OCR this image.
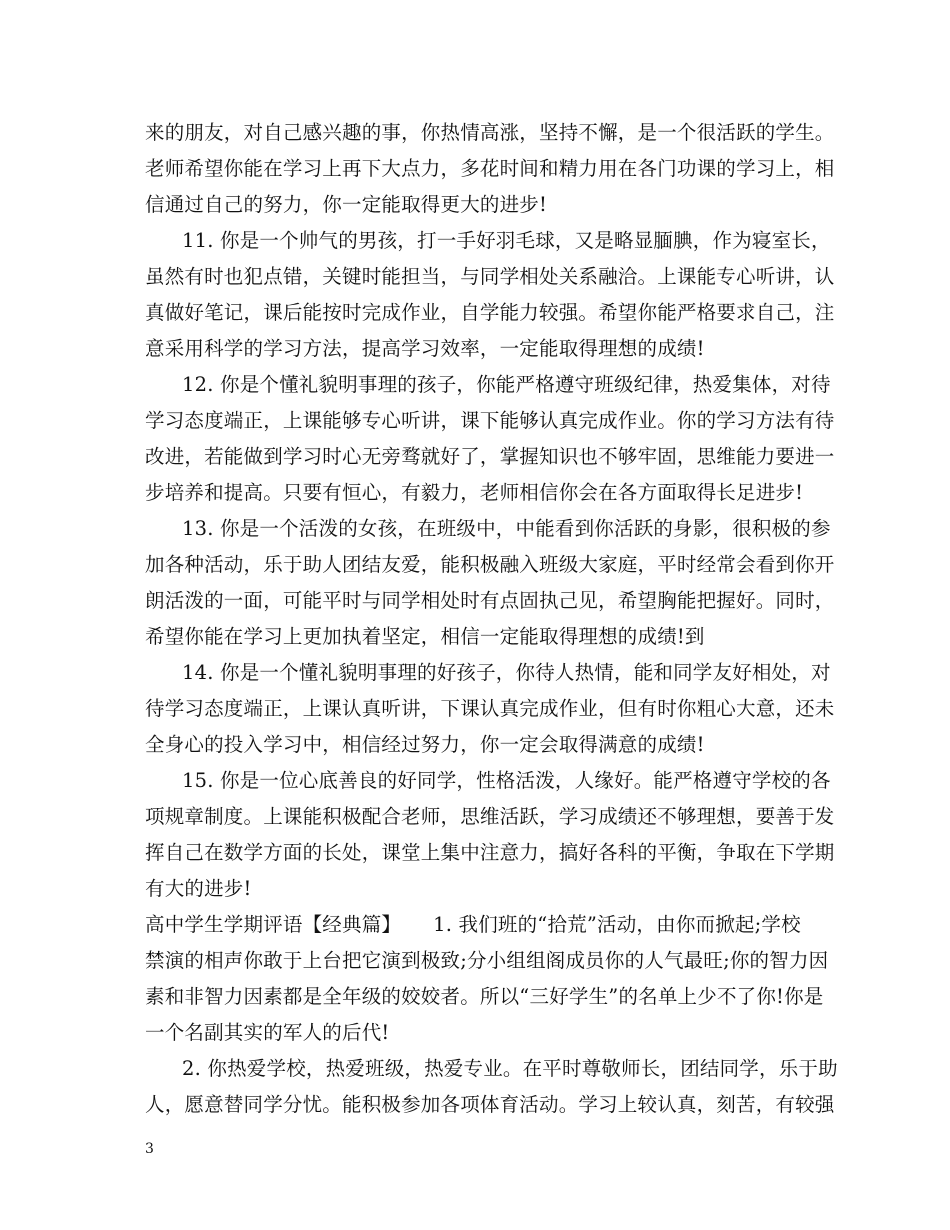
来的朋友，对自己感兴趣的事，你热情高涨，坚持不懈，是一个很活跃的学生。
老师希望你能在学习上再下大点力，多花时间和精力用在各门功课的学习上，相
信通过自己的努力，你一定能取得更大的进步!
11. 你是一个帅气的男孩，打一手好羽毛球，又是略显腼腆，作为寝室长，
虽然有时也犯点错，关键时能担当，与同学相处关系融洽。上课能专心听讲，认
真做好笔记，课后能按时完成作业，自学能力较强。希望你能严格要求自己，注
意采用科学的学习方法，提高学习效率，一定能取得理想的成绩!
12. 你是个懂礼貌明事理的孩子，你能严格遵守班级纪律，热爱集体，对待
学习态度端正，上课能够专心听讲，课下能够认真完成作业。你的学习方法有待
改进，若能做到学习时心无旁骛就好了，掌握知识也不够牢固，思维能力要进一
步培养和提高。只要有恒心，有毅力，老师相信你会在各方面取得长足进步!
13. 你是一个活泼的女孩，在班级中，中能看到你活跃的身影，很积极的参
加各种活动，乐于助人团结友爱，能积极融入班级大家庭，平时经常会看到你开
朗活泼的一面，可能平时与同学相处时有点固执己见，希望胸能把握好。同时，
希望你能在学习上更加执着坚定，相信一定能取得理想的成绩!到
14. 你是一个懂礼貌明事理的好孩子，你待人热情，能和同学友好相处，对
待学习态度端正，上课认真听讲，下课认真完成作业，但有时你粗心大意，还未
全身心的投入学习中，相信经过努力，你一定会取得满意的成绩!
15. 你是一位心底善良的好同学，性格活泼，人缘好。能严格遵守学校的各
项规章制度。上课能积极配合老师，思维活跃，学习成绩还不够理想，要善于发
挥自己在数学方面的长处，课堂上集中注意力，搞好各科的平衡，争取在下学期
有大的进步!
高中学生学期评语【经典篇】     1. 我们班的“拾荒”活动，由你而掀起;学校
禁演的相声你敢于上台把它演到极致;分小组组阁成员你的人气最旺;你的智力因
素和非智力因素都是全年级的姣姣者。所以“三好学生”的名单上少不了你!你是
一个名副其实的军人的后代!
2. 你热爱学校，热爱班级，热爱专业。在平时尊敬师长，团结同学，乐于助
人，愿意替同学分忧。能积极参加各项体育活动。学习上较认真，刻苦，有较强
3
